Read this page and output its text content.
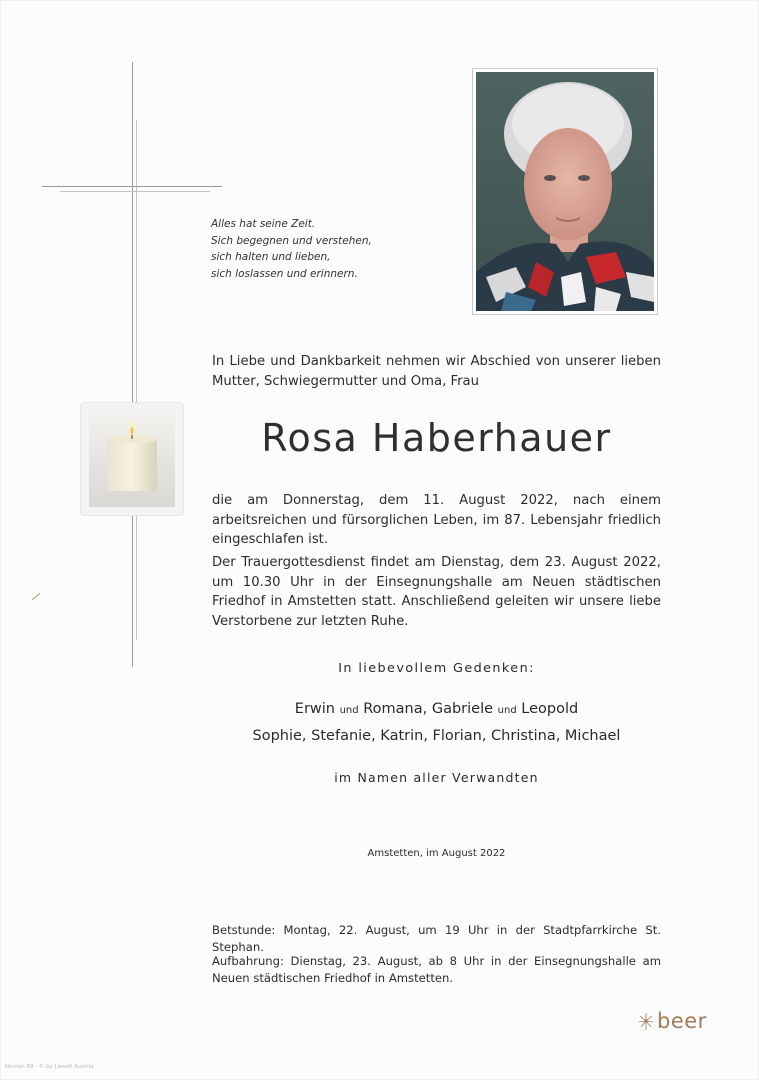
Alles hat seine Zeit.
Sich begegnen und verstehen,
sich halten und lieben,
sich loslassen und erinnern.

In Liebe und Dankbarkeit nehmen wir Abschied von unserer lieben Mutter, Schwiegermutter und Oma, Frau

Rosa Haberhauer

die am Donnerstag, dem 11. August 2022, nach einem arbeitsreichen und fürsorglichen Leben, im 87. Lebensjahr friedlich eingeschlafen ist.

Der Trauergottesdienst findet am Dienstag, dem 23. August 2022, um 10.30 Uhr in der Einsegnungshalle am Neuen städtischen Friedhof in Amstetten statt. Anschließend geleiten wir unsere liebe Verstorbene zur letzten Ruhe.

In liebevollem Gedenken:
Erwin und Romana, Gabriele und Leopold
Sophie, Stefanie, Katrin, Florian, Christina, Michael
im Namen aller Verwandten
Amstetten, im August 2022

Betstunde: Montag, 22. August, um 19 Uhr in der Stadtpfarrkirche St. Stephan.

Aufbahrung: Dienstag, 23. August, ab 8 Uhr in der Einsegnungshalle am Neuen städtischen Friedhof in Amstetten.

beer
Nomen 69 · © by Lieselt Austria
